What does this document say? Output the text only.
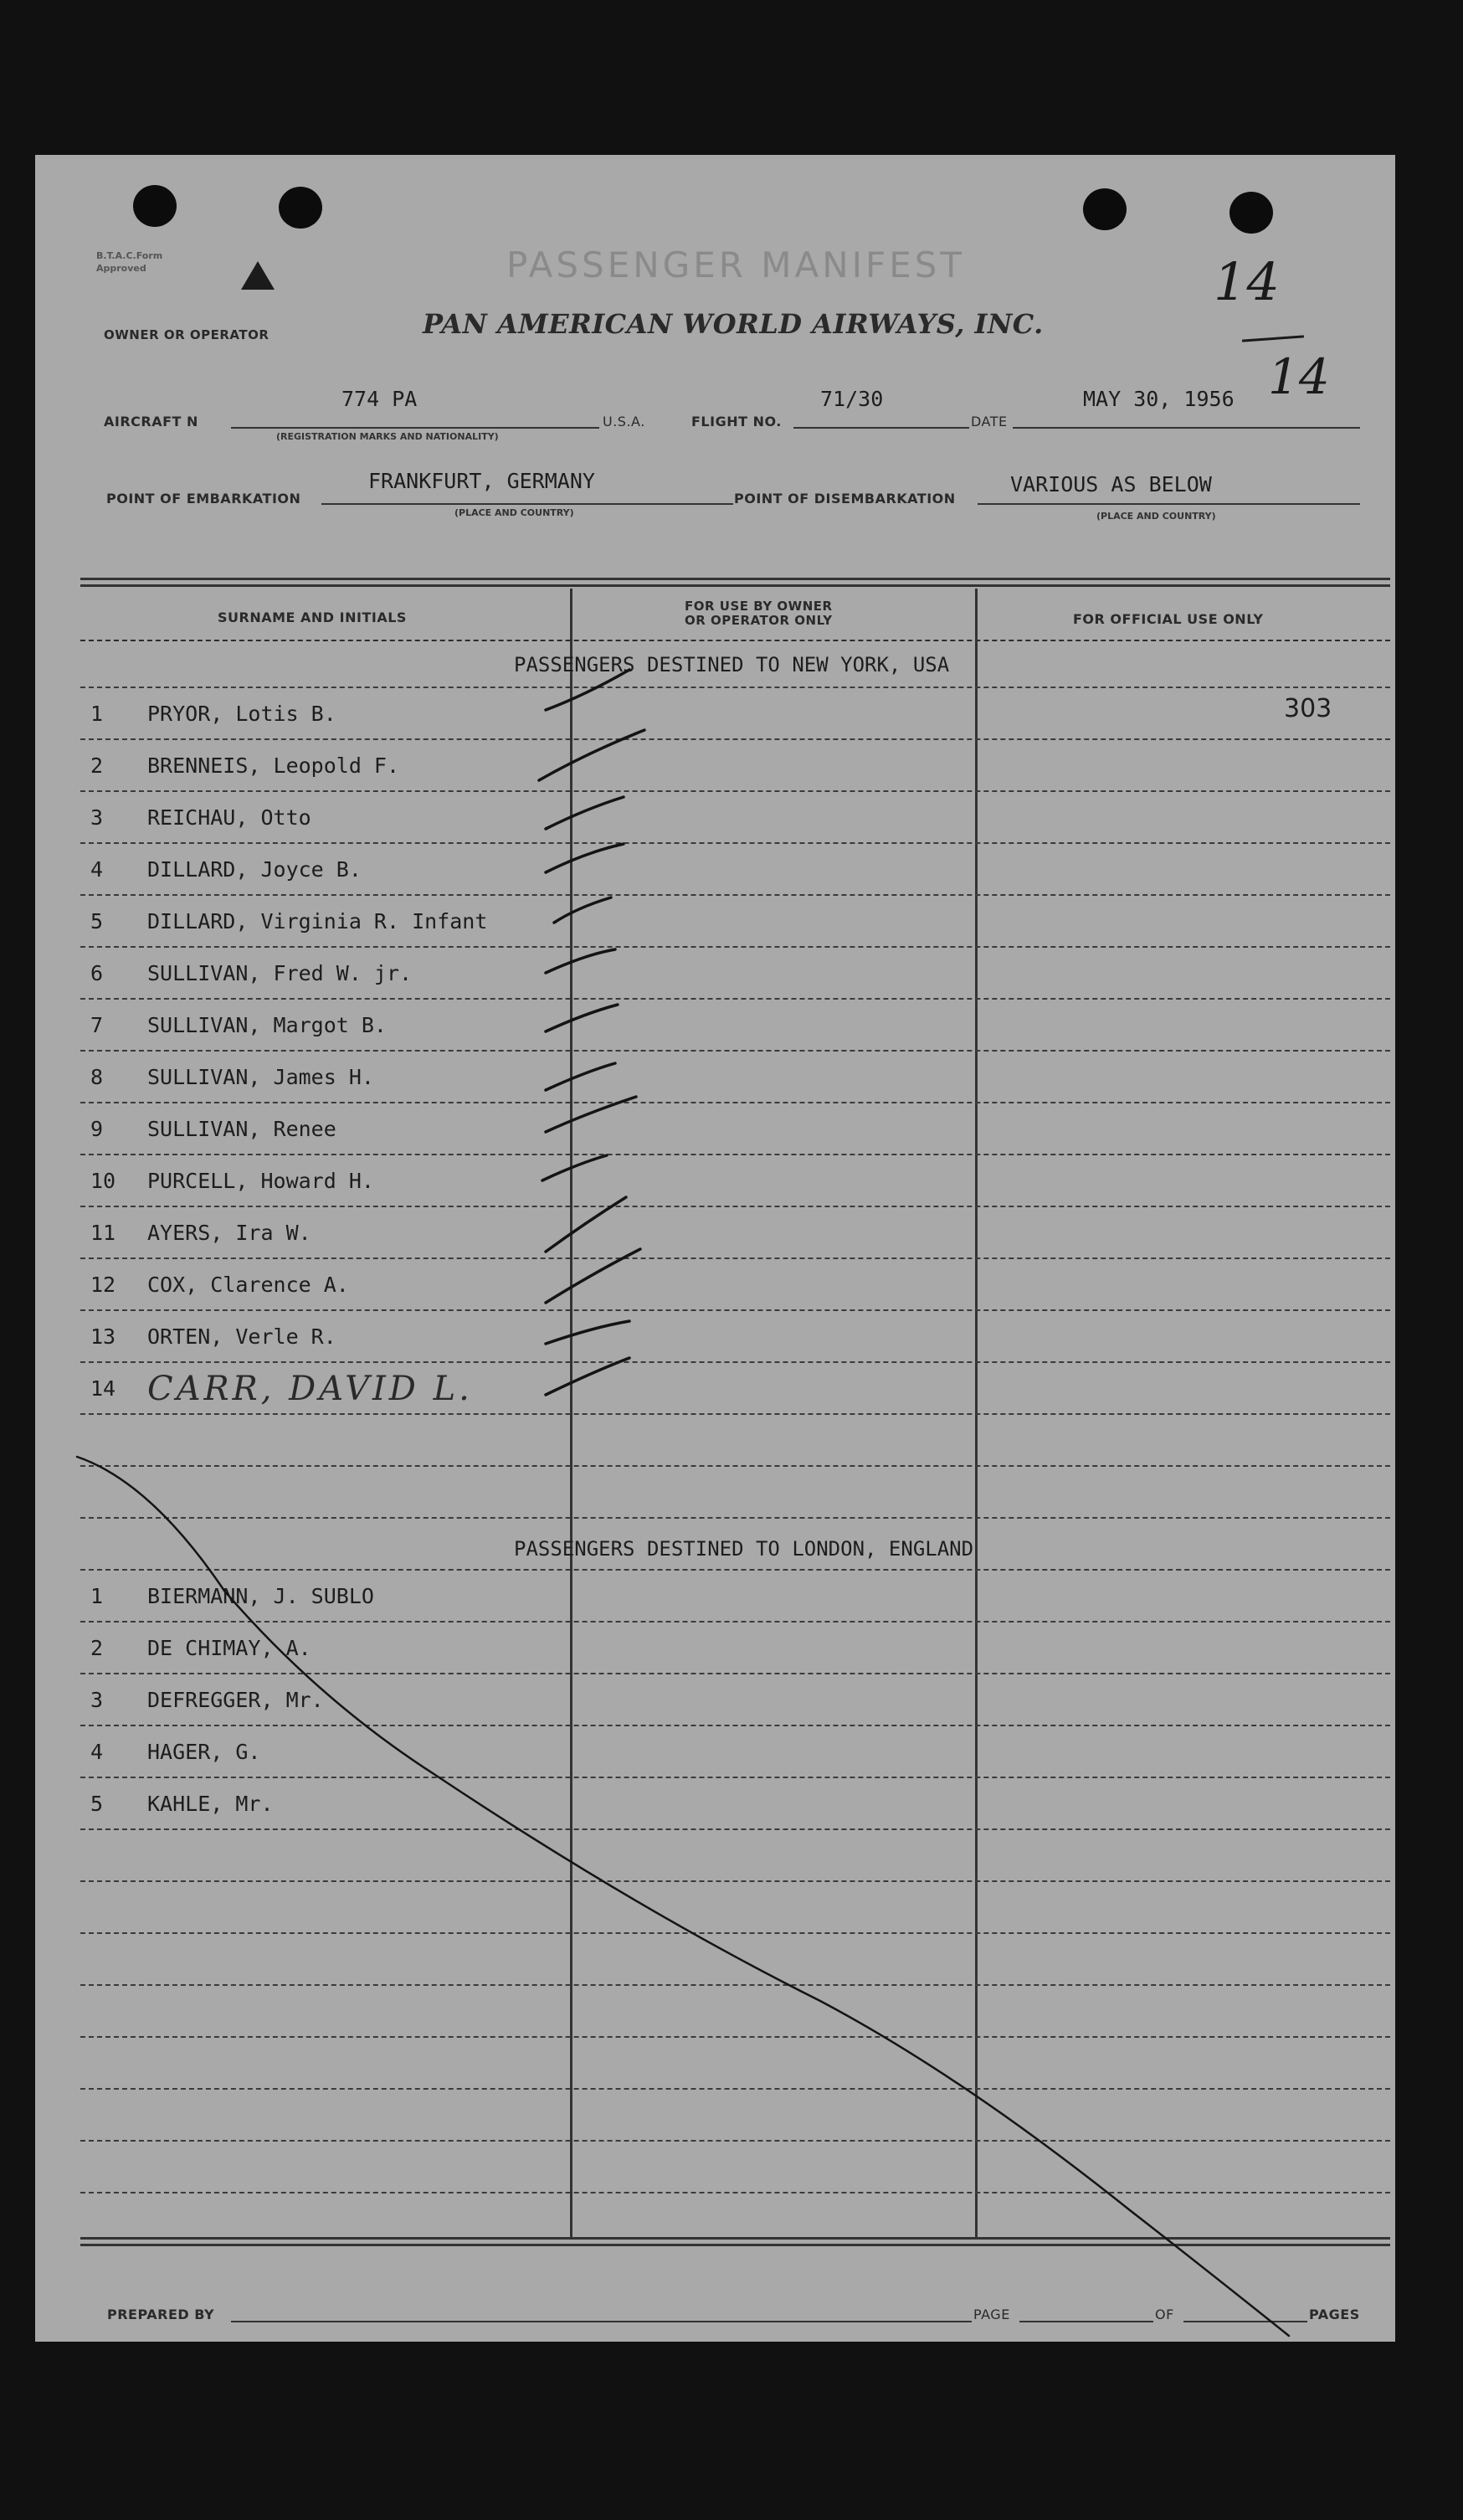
B.T.A.C.Form
Approved	PASSENGER MANIFEST
PAN AMERICAN WORLD AIRWAYS, INC.
OWNER OR OPERATOR
14
14
AIRCRAFT N
774 PA
(REGISTRATION MARKS AND NATIONALITY)
U.S.A.	FLIGHT NO.
71/30
DATE
MAY 30, 1956
POINT OF EMBARKATION
FRANKFURT, GERMANY
(PLACE AND COUNTRY)
POINT OF DISEMBARKATION
VARIOUS AS BELOW
(PLACE AND COUNTRY)
SURNAME AND INITIALS
FOR USE BY OWNER
OR OPERATOR ONLY	FOR OFFICIAL USE ONLY
PASSENGERS DESTINED TO NEW YORK, USA
303
1 PRYOR, Lotis B.
2 BRENNEIS, Leopold F.
3 REICHAU, Otto
4 DILLARD, Joyce B.
5 DILLARD, Virginia R. Infant
6 SULLIVAN, Fred W. jr.
7 SULLIVAN, Margot B.
8 SULLIVAN, James H.
9 SULLIVAN, Renee
10 PURCELL, Howard H.
11 AYERS, Ira W.
12 COX, Clarence A.
13 ORTEN, Verle R.
14 CARR, DAVID L.
PASSENGERS DESTINED TO LONDON, ENGLAND
1 BIERMANN, J. SUBLO
2 DE CHIMAY, A.
3 DEFREGGER, Mr.
4 HAGER, G.
5 KAHLE, Mr.
PREPARED BY	PAGE	OF	PAGES
